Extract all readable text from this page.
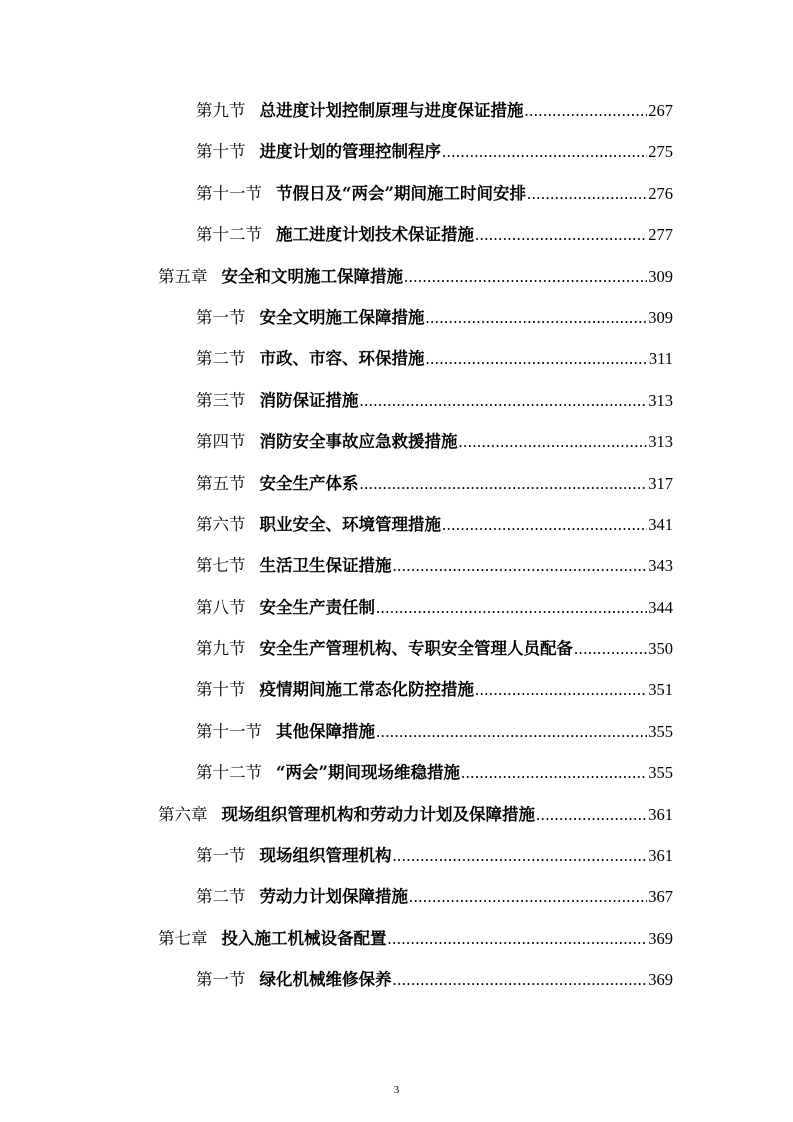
第九节 总进度计划控制原理与进度保证措施 .....	267
第十节 进度计划的管理控制程序 .....	275
第十一节 节假日及“两会”期间施工时间安排 .....	276
第十二节 施工进度计划技术保证措施 .....	277
第五章 安全和文明施工保障措施 .....	309
第一节 安全文明施工保障措施 .....	309
第二节 市政、市容、环保措施 .....	311
第三节 消防保证措施 .....	313
第四节 消防安全事故应急救援措施 .....	313
第五节 安全生产体系 .....	317
第六节 职业安全、环境管理措施 .....	341
第七节 生活卫生保证措施 .....	343
第八节 安全生产责任制 .....	344
第九节 安全生产管理机构、专职安全管理人员配备 .....	350
第十节 疫情期间施工常态化防控措施 .....	351
第十一节 其他保障措施 .....	355
第十二节 “两会”期间现场维稳措施 .....	355
第六章 现场组织管理机构和劳动力计划及保障措施 .....	361
第一节 现场组织管理机构 .....	361
第二节 劳动力计划保障措施 .....	367
第七章 投入施工机械设备配置 .....	369
第一节 绿化机械维修保养 .....	369
3
